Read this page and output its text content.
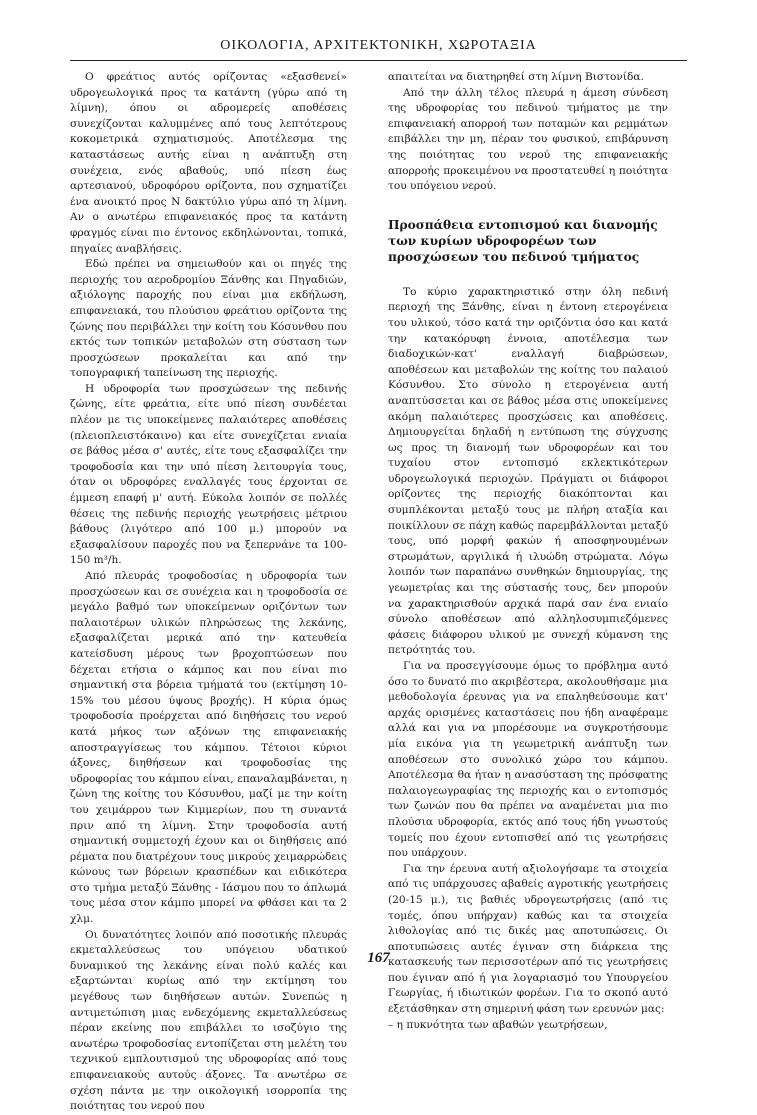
ΟΙΚΟΛΟΓΙΑ, ΑΡΧΙΤΕΚΤΟΝΙΚΗ, ΧΩΡΟΤΑΞΙΑ

Ο φρεάτιος αυτός ορίζοντας «εξασθενεί» υδρογεωλογικά προς τα κατάντη (γύρω από τη λίμνη), όπου οι αδρομερείς αποθέσεις συνεχίζονται καλυμμένες από τους λεπτότερους κοκομετρικά σχηματισμούς. Αποτέλεσμα της καταστάσεως αυτής είναι η ανάπτυξη στη συνέχεια, ενός αβαθούς, υπό πίεση έως αρτεσιανού, υδροφόρου ορίζοντα, που σχηματίζει ένα ανοικτό προς Ν δακτύλιο γύρω από τη λίμνη. Αν ο ανωτέρω επιφανειακός προς τα κατάντη φραγμός είναι πιο έντονος εκδηλώνονται, τοπικά, πηγαίες αναβλήσεις.

Εδώ πρέπει να σημειωθούν και οι πηγές της περιοχής του αεροδρομίου Ξάνθης και Πηγαδιών, αξιόλογης παροχής που είναι μια εκδήλωση, επιφανειακά, του πλούσιου φρεάτιου ορίζοντα της ζώνης που περιβάλλει την κοίτη του Κόσυνθου που εκτός των τοπικών μεταβολών στη σύσταση των προσχώσεων προκαλείται και από την τοπογραφική ταπείνωση της περιοχής.

Η υδροφορία των προσχώσεων της πεδινής ζώνης, είτε φρεάτια, είτε υπό πίεση συνδέεται πλέον με τις υποκείμενες παλαιότερες αποθέσεις (πλειοπλειστόκαινο) και είτε συνεχίζεται ενιαία σε βάθος μέσα σ' αυτές, είτε τους εξασφαλίζει την τροφοδοσία και την υπό πίεση λειτουργία τους, όταν οι υδροφόρες εναλλαγές τους έρχονται σε έμμεση επαφή μ' αυτή. Εύκολα λοιπόν σε πολλές θέσεις της πεδινής περιοχής γεωτρήσεις μέτριου βάθους (λιγότερο από 100 μ.) μπορούν να εξασφαλίσουν παροχές που να ξεπερνάνε τα 100-150 m³/h.

Από πλευράς τροφοδοσίας η υδροφορία των προσχώσεων και σε συνέχεια και η τροφοδοσία σε μεγάλο βαθμό των υποκείμενων οριζόντων των παλαιοτέρων υλικών πληρώσεως της λεκάνης, εξασφαλίζεται μερικά από την κατευθεία κατείσδυση μέρους των βροχοπτώσεων που δέχεται ετήσια ο κάμπος και που είναι πιο σημαντική στα βόρεια τμήματά του (εκτίμηση 10-15% του μέσου ύψους βροχής). Η κύρια όμως τροφοδοσία προέρχεται από διηθήσεις του νερού κατά μήκος των αξόνων της επιφανειακής αποστραγγίσεως του κάμπου. Τέτοιοι κύριοι άξονες, διηθήσεων και τροφοδοσίας της υδροφορίας του κάμπου είναι, επαναλαμβάνεται, η ζώνη της κοίτης του Κόσυνθου, μαζί με την κοίτη του χειμάρρου των Κιμμερίων, που τη συναντά πριν από τη λίμνη. Στην τροφοδοσία αυτή σημαντική συμμετοχή έχουν και οι διηθήσεις από ρέματα που διατρέχουν τους μικρούς χειμαρρώδεις κώνους των βόρειων κρασπέδων και ειδικότερα στο τμήμα μεταξύ Ξάνθης - Ιάσμου που το άπλωμά τους μέσα στον κάμπο μπορεί να φθάσει και τα 2 χλμ.

Οι δυνατότητες λοιπόν από ποσοτικής πλευράς εκμεταλλεύσεως του υπόγειου υδατικού δυναμικού της λεκάνης είναι πολύ καλές και εξαρτώνται κυρίως από την εκτίμηση του μεγέθους των διηθήσεων αυτών. Συνεπώς η αντιμετώπιση μιας ενδεχόμενης εκμεταλλεύσεως πέραν εκείνης που επιβάλλει το ισοζύγιο της ανωτέρω τροφοδοσίας εντοπίζεται στη μελέτη του τεχνικού εμπλουτισμού της υδροφορίας από τους επιφανειακούς αυτούς άξονες. Τα ανωτέρω σε σχέση πάντα με την οικολογική ισορροπία της ποιότητας του νερού που

απαιτείται να διατηρηθεί στη λίμνη Βιστονίδα.

Από την άλλη τέλος πλευρά η άμεση σύνδεση της υδροφορίας του πεδινού τμήματος με την επιφανειακή απορροή των ποταμών και ρεμμάτων επιβάλλει την μη, πέραν του φυσικού, επιβάρυνση της ποιότητας του νερού της επιφανειακής απορροής προκειμένου να προστατευθεί η ποιότητα του υπόγειου νερού.

Προσπάθεια εντοπισμού και διανομής των κυρίων υδροφορέων των προσχώσεων του πεδινού τμήματος

Το κύριο χαρακτηριστικό στην όλη πεδινή περιοχή της Ξάνθης, είναι η έντονη ετερογένεια του υλικού, τόσο κατά την οριζόντια όσο και κατά την κατακόρυφη έννοια, αποτέλεσμα των διαδοχικών-κατ' εναλλαγή διαβρώσεων, αποθέσεων και μεταβολών της κοίτης του παλαιού Κόσυνθου. Στο σύνολο η ετερογένεια αυτή αναπτύσσεται και σε βάθος μέσα στις υποκείμενες ακόμη παλαιότερες προσχώσεις και αποθέσεις. Δημιουργείται δηλαδή η εντύπωση της σύγχυσης ως προς τη διανομή των υδροφορέων και του τυχαίου στον εντοπισμό εκλεκτικότερων υδρογεωλογικά περιοχών. Πράγματι οι διάφοροι ορίζοντες της περιοχής διακόπτονται και συμπλέκονται μεταξύ τους με πλήρη αταξία και ποικίλλουν σε πάχη καθώς παρεμβάλλονται μεταξύ τους, υπό μορφή φακών ή αποσφηνουμένων στρωμάτων, αργιλικά ή ιλυώδη στρώματα. Λόγω λοιπόν των παραπάνω συνθηκών δημιουργίας, της γεωμετρίας και της σύστασής τους, δεν μπορούν να χαρακτηρισθούν αρχικά παρά σαν ένα ενιαίο σύνολο αποθέσεων από αλληλοσυμπιεζόμενες φάσεις διάφορου υλικού με συνεχή κύμανση της πετρότητάς του.

Για να προσεγγίσουμε όμως το πρόβλημα αυτό όσο το δυνατό πιο ακριβέστερα, ακολουθήσαμε μια μεθοδολογία έρευνας για να επαληθεύσουμε κατ' αρχάς ορισμένες καταστάσεις που ήδη αναφέραμε αλλά και για να μπορέσουμε να συγκροτήσουμε μία εικόνα για τη γεωμετρική ανάπτυξη των αποθέσεων στο συνολικό χώρο του κάμπου. Αποτέλεσμα θα ήταν η ανασύσταση της πρόσφατης παλαιογεωγραφίας της περιοχής και ο εντοπισμός των ζωνών που θα πρέπει να αναμένεται μια πιο πλούσια υδροφορία, εκτός από τους ήδη γνωστούς τομείς που έχουν εντοπισθεί από τις γεωτρήσεις που υπάρχουν.

Για την έρευνα αυτή αξιολογήσαμε τα στοιχεία από τις υπάρχουσες αβαθείς αγροτικής γεωτρήσεις (20-15 μ.), τις βαθιές υδρογεωτρήσεις (από τις τομές, όπου υπήρχαν) καθώς και τα στοιχεία λιθολογίας από τις δικές μας αποτυπώσεις. Οι αποτυπώσεις αυτές έγιναν στη διάρκεια της κατασκευής των περισσοτέρων από τις γεωτρήσεις που έγιναν από ή για λογαριασμό του Υπουργείου Γεωργίας, ή ιδιωτικών φορέων. Για το σκοπό αυτό εξετάσθηκαν στη σημερινή φάση των ερευνών μας:

– η πυκνότητα των αβαθών γεωτρήσεων,

167
